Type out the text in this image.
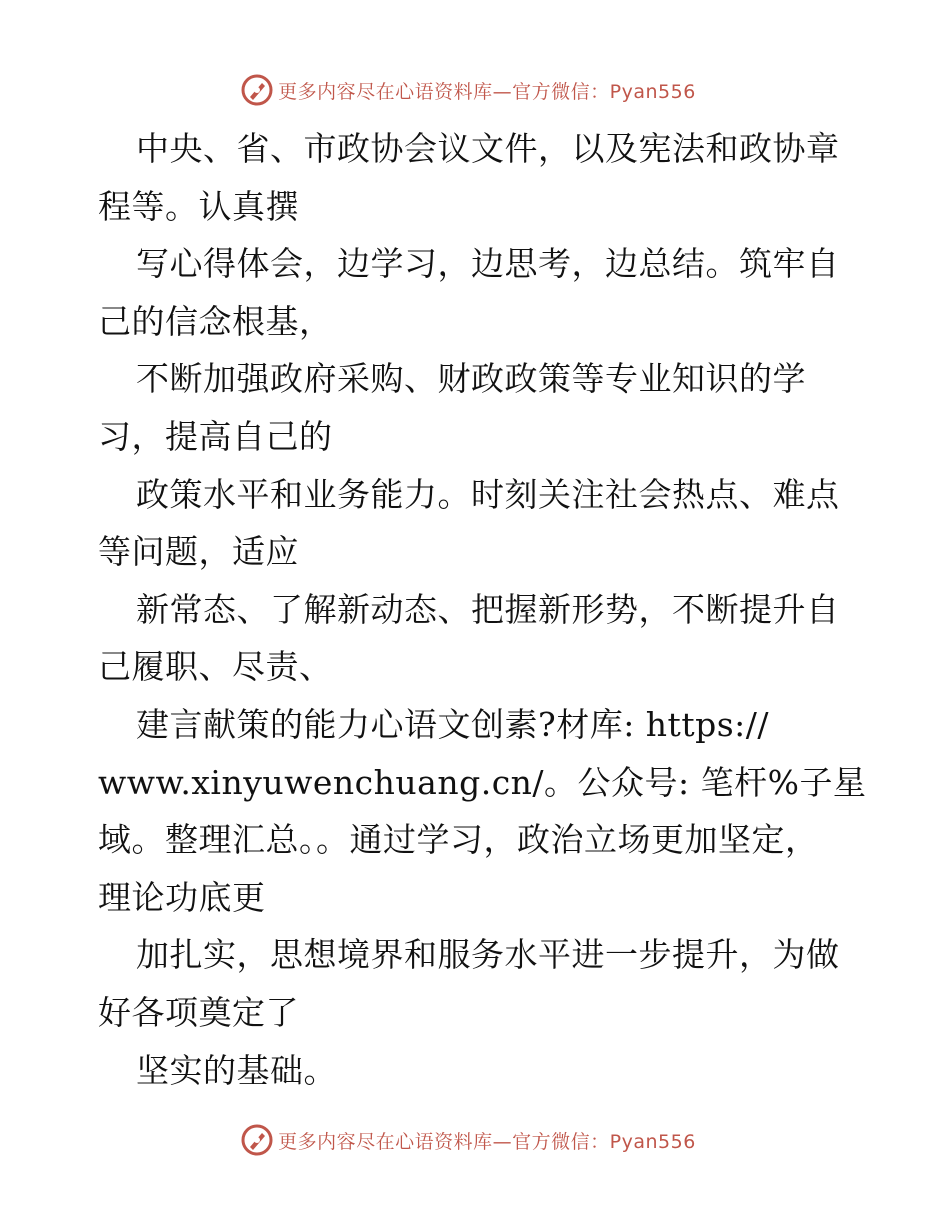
更多内容尽在心语资料库—官方微信：Pyan556
中央、省、市政协会议文件，以及宪法和政协章
程等。认真撰
写心得体会，边学习，边思考，边总结。筑牢自
己的信念根基，
不断加强政府采购、财政政策等专业知识的学
习，提高自己的
政策水平和业务能力。时刻关注社会热点、难点
等问题，适应
新常态、了解新动态、把握新形势，不断提升自
己履职、尽责、
建言献策的能力心语文创素?材库: https://
www.xinyuwenchuang.cn/。公众号: 笔杆%子星
域。整理汇总。。通过学习，政治立场更加坚定，
理论功底更
加扎实，思想境界和服务水平进一步提升，为做
好各项奠定了
坚实的基础。
更多内容尽在心语资料库—官方微信：Pyan556
